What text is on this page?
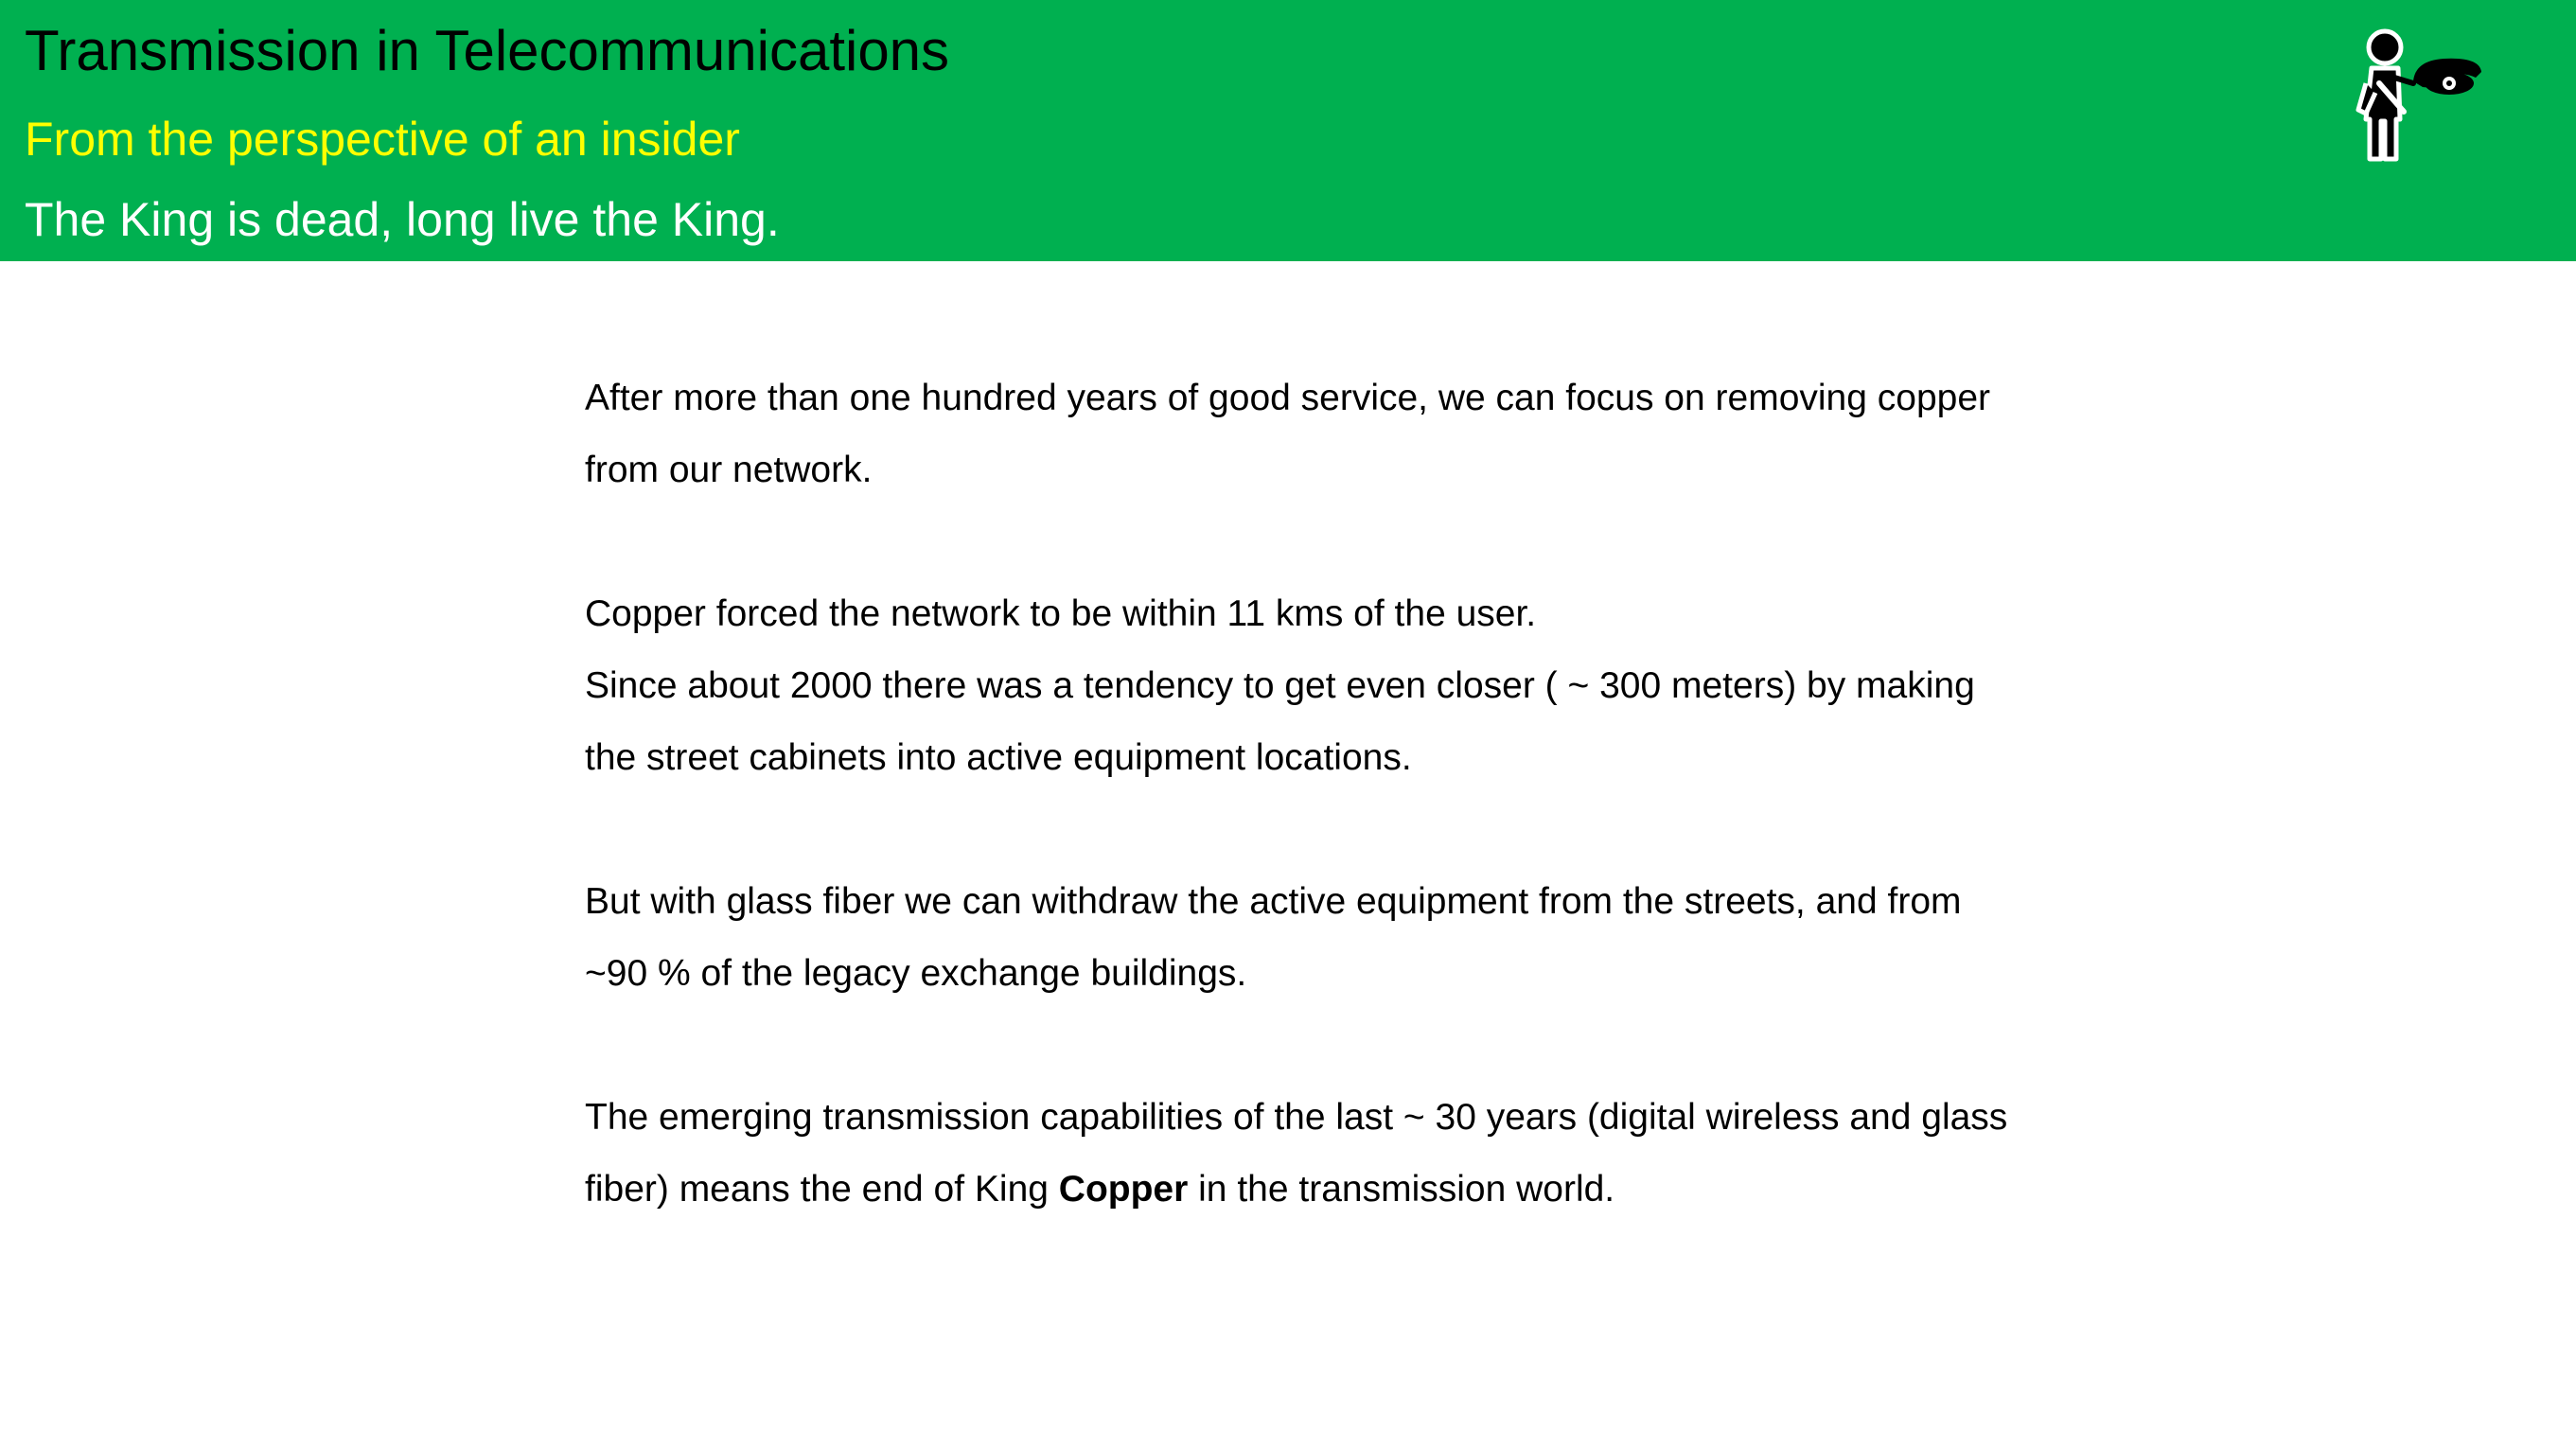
Transmission in Telecommunications
From the perspective of an insider
The King is dead, long live the King.
After more than one hundred years of good service, we can focus on removing copper
from our network.
Copper forced the network to be within 11 kms of the user.
Since about 2000 there was a tendency to get even closer ( ~ 300 meters) by making
the street cabinets into active equipment locations.
But with glass fiber we can withdraw the active equipment from the streets, and from
~90 % of the legacy exchange buildings.
The emerging transmission capabilities of the last ~ 30 years (digital wireless and glass
fiber) means the end of King Copper in the transmission world.
